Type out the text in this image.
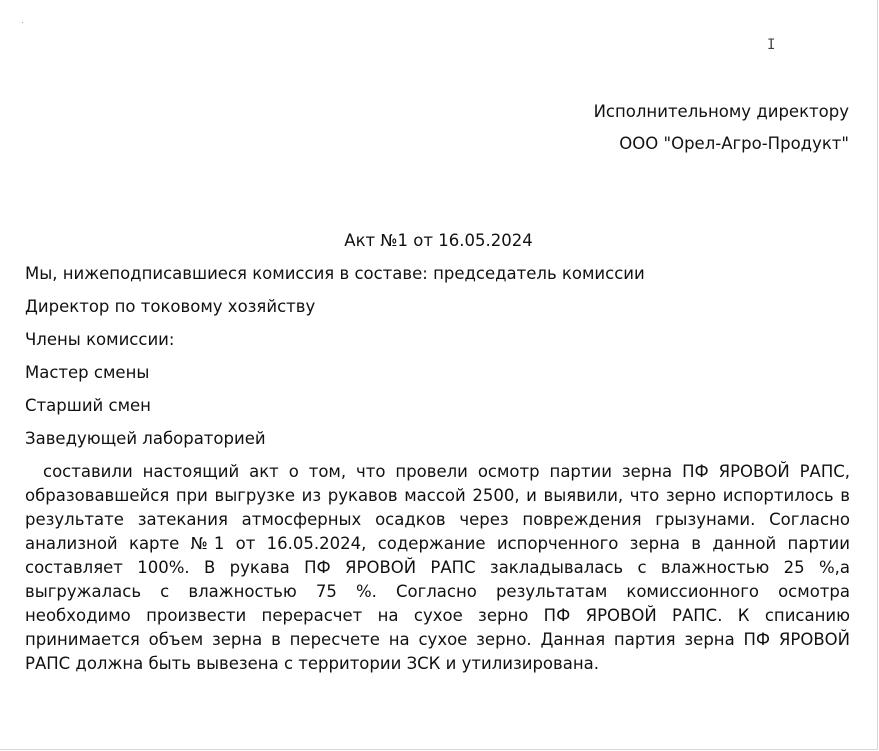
I
Исполнительному директору
ООО "Орел-Агро-Продукт"
Акт №1 от 16.05.2024
Мы, нижеподписавшиеся комиссия в составе: председатель комиссии
Директор по токовому хозяйству
Члены комиссии:
Мастер смены
Старший смен
Заведующей лабораторией

составили настоящий акт о том, что провели осмотр партии зерна ПФ ЯРОВОЙ РАПС, образовавшейся при выгрузке из рукавов массой 2500, и выявили, что зерно испортилось в результате затекания атмосферных осадков через повреждения грызунами. Согласно анализной карте №1 от 16.05.2024, содержание испорченного зерна в данной партии составляет 100%. В рукава ПФ ЯРОВОЙ РАПС закладывалась с влажностью 25 %,а выгружалась с влажностью 75 %. Согласно результатам комиссионного осмотра необходимо произвести перерасчет на сухое зерно ПФ ЯРОВОЙ РАПС. К списанию принимается объем зерна в пересчете на сухое зерно. Данная партия зерна ПФ ЯРОВОЙ РАПС должна быть вывезена с территории ЗСК и утилизирована.
